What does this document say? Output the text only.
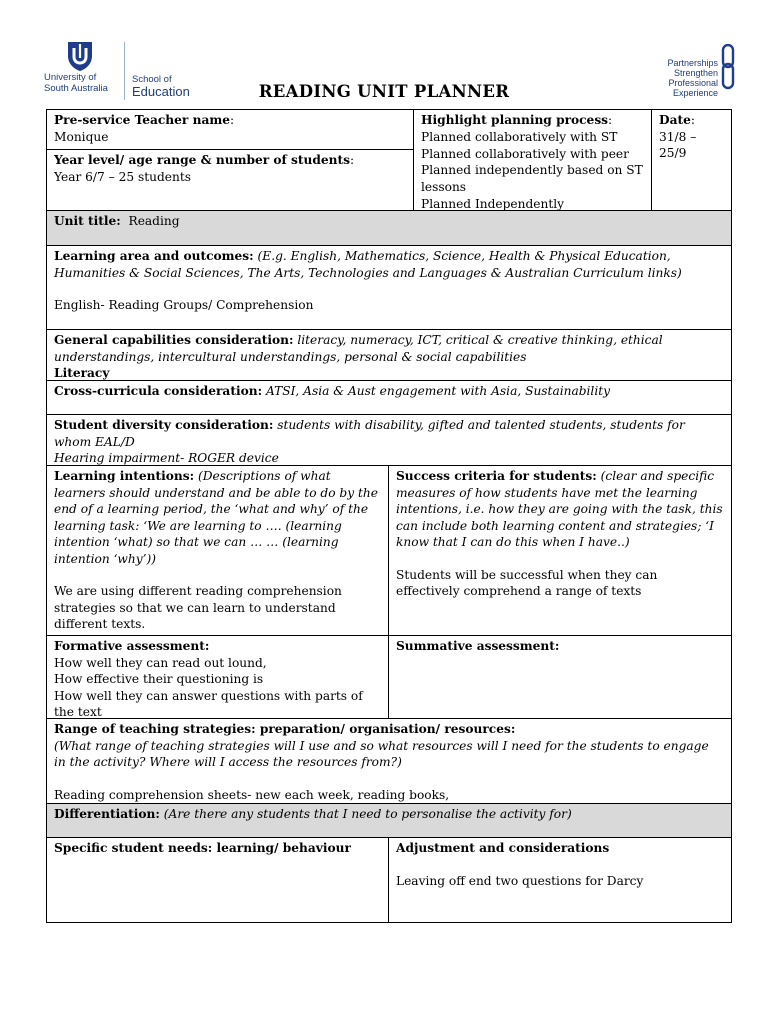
University of
South Australia
School of
Education
Partnerships
Strengthen
Professional
Experience
READING UNIT PLANNER

Pre-service Teacher name:

Monique

Year level/ age range & number of students:

Year 6/7 – 25 students

Highlight planning process:

Planned collaboratively with ST

Planned collaboratively with peer

Planned independently based on ST lessons

Planned Independently

Date:

31/8 –

25/9

Unit title: Reading

Learning area and outcomes: (E.g. English, Mathematics, Science, Health & Physical Education, Humanities & Social Sciences, The Arts, Technologies and Languages & Australian Curriculum links)

English- Reading Groups/ Comprehension

General capabilities consideration: literacy, numeracy, ICT, critical & creative thinking, ethical understandings, intercultural understandings, personal & social capabilities

Literacy

Cross-curricula consideration: ATSI, Asia & Aust engagement with Asia, Sustainability

Student diversity consideration: students with disability, gifted and talented students, students for whom EAL/D

Hearing impairment- ROGER device

Learning intentions: (Descriptions of what learners should understand and be able to do by the end of a learning period, the ‘what and why’ of the learning task: ‘We are learning to …. (learning intention ‘what) so that we can … … (learning intention ‘why’))

We are using different reading comprehension strategies so that we can learn to understand different texts.

Success criteria for students: (clear and specific measures of how students have met the learning intentions, i.e. how they are going with the task, this can include both learning content and strategies; ‘I know that I can do this when I have..)

Students will be successful when they can effectively comprehend a range of texts

Formative assessment:

How well they can read out lound,

How effective their questioning is

How well they can answer questions with parts of the text

Summative assessment:

Range of teaching strategies: preparation/ organisation/ resources:

(What range of teaching strategies will I use and so what resources will I need for the students to engage in the activity? Where will I access the resources from?)

Reading comprehension sheets- new each week, reading books,

Differentiation: (Are there any students that I need to personalise the activity for)
Specific student needs: learning/ behaviour	Adjustment and considerations

Leaving off end two questions for Darcy
